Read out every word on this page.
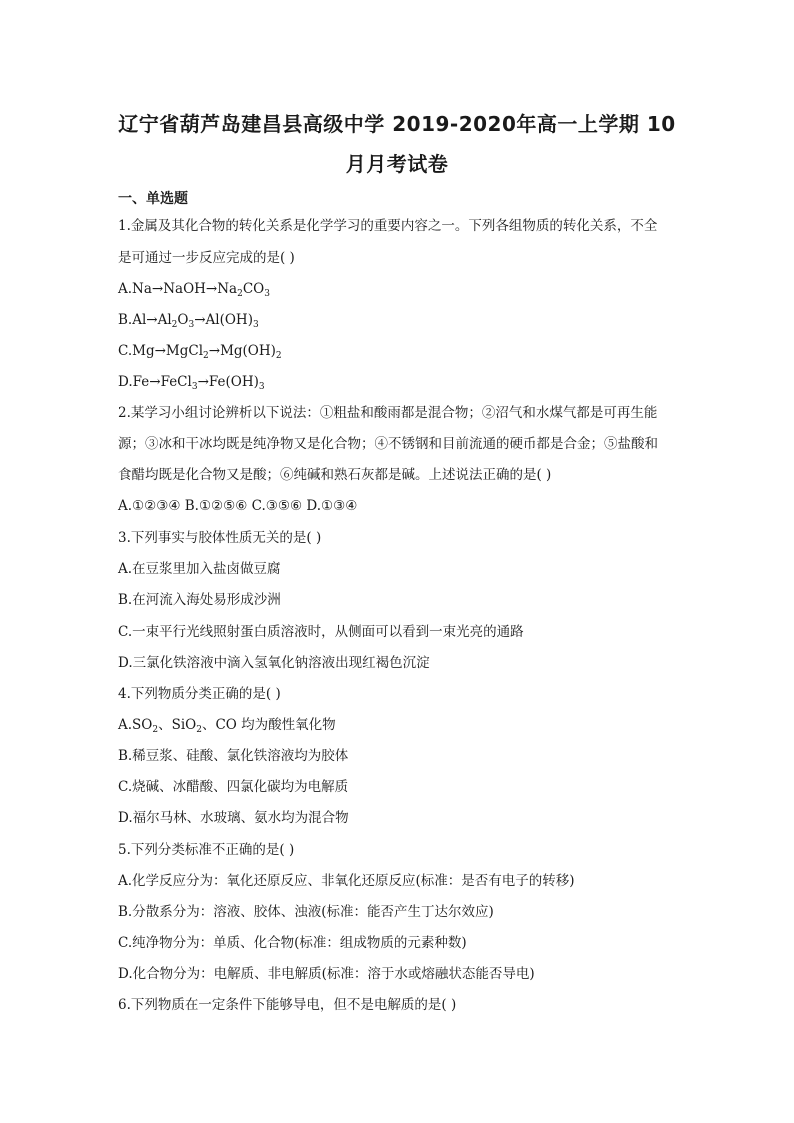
辽宁省葫芦岛建昌县高级中学 2019-2020年高一上学期 10
月月考试卷
一、单选题
1.金属及其化合物的转化关系是化学学习的重要内容之一。下列各组物质的转化关系，不全
是可通过一步反应完成的是( )
$A.Na\to NaOH\to Na_2CO_3$
$B.Al\to Al_2O_3\to Al(OH)_3$
$C.Mg\to MgCl_2\to Mg(OH)_2$
$D.Fe\to FeCl_3\to Fe(OH)_3$
2.某学习小组讨论辨析以下说法：①粗盐和酸雨都是混合物；②沼气和水煤气都是可再生能
源；③冰和干冰均既是纯净物又是化合物；④不锈钢和目前流通的硬币都是合金；⑤盐酸和
食醋均既是化合物又是酸；⑥纯碱和熟石灰都是碱。上述说法正确的是( )
A.①②③④ B.①②⑤⑥ C.③⑤⑥ D.①③④
3.下列事实与胶体性质无关的是( )
A.在豆浆里加入盐卤做豆腐
B.在河流入海处易形成沙洲
C.一束平行光线照射蛋白质溶液时，从侧面可以看到一束光亮的通路
D.三氯化铁溶液中滴入氢氧化钠溶液出现红褐色沉淀
4.下列物质分类正确的是( )
$A.SO_2$、SiO$_2$、CO 均为酸性氧化物
B.稀豆浆、硅酸、氯化铁溶液均为胶体
C.烧碱、冰醋酸、四氯化碳均为电解质
D.福尔马林、水玻璃、氨水均为混合物
5.下列分类标准不正确的是( )
A.化学反应分为：氧化还原反应、非氧化还原反应(标准：是否有电子的转移)
B.分散系分为：溶液、胶体、浊液(标准：能否产生丁达尔效应)
C.纯净物分为：单质、化合物(标准：组成物质的元素种数)
D.化合物分为：电解质、非电解质(标准：溶于水或熔融状态能否导电)
6.下列物质在一定条件下能够导电，但不是电解质的是( )
